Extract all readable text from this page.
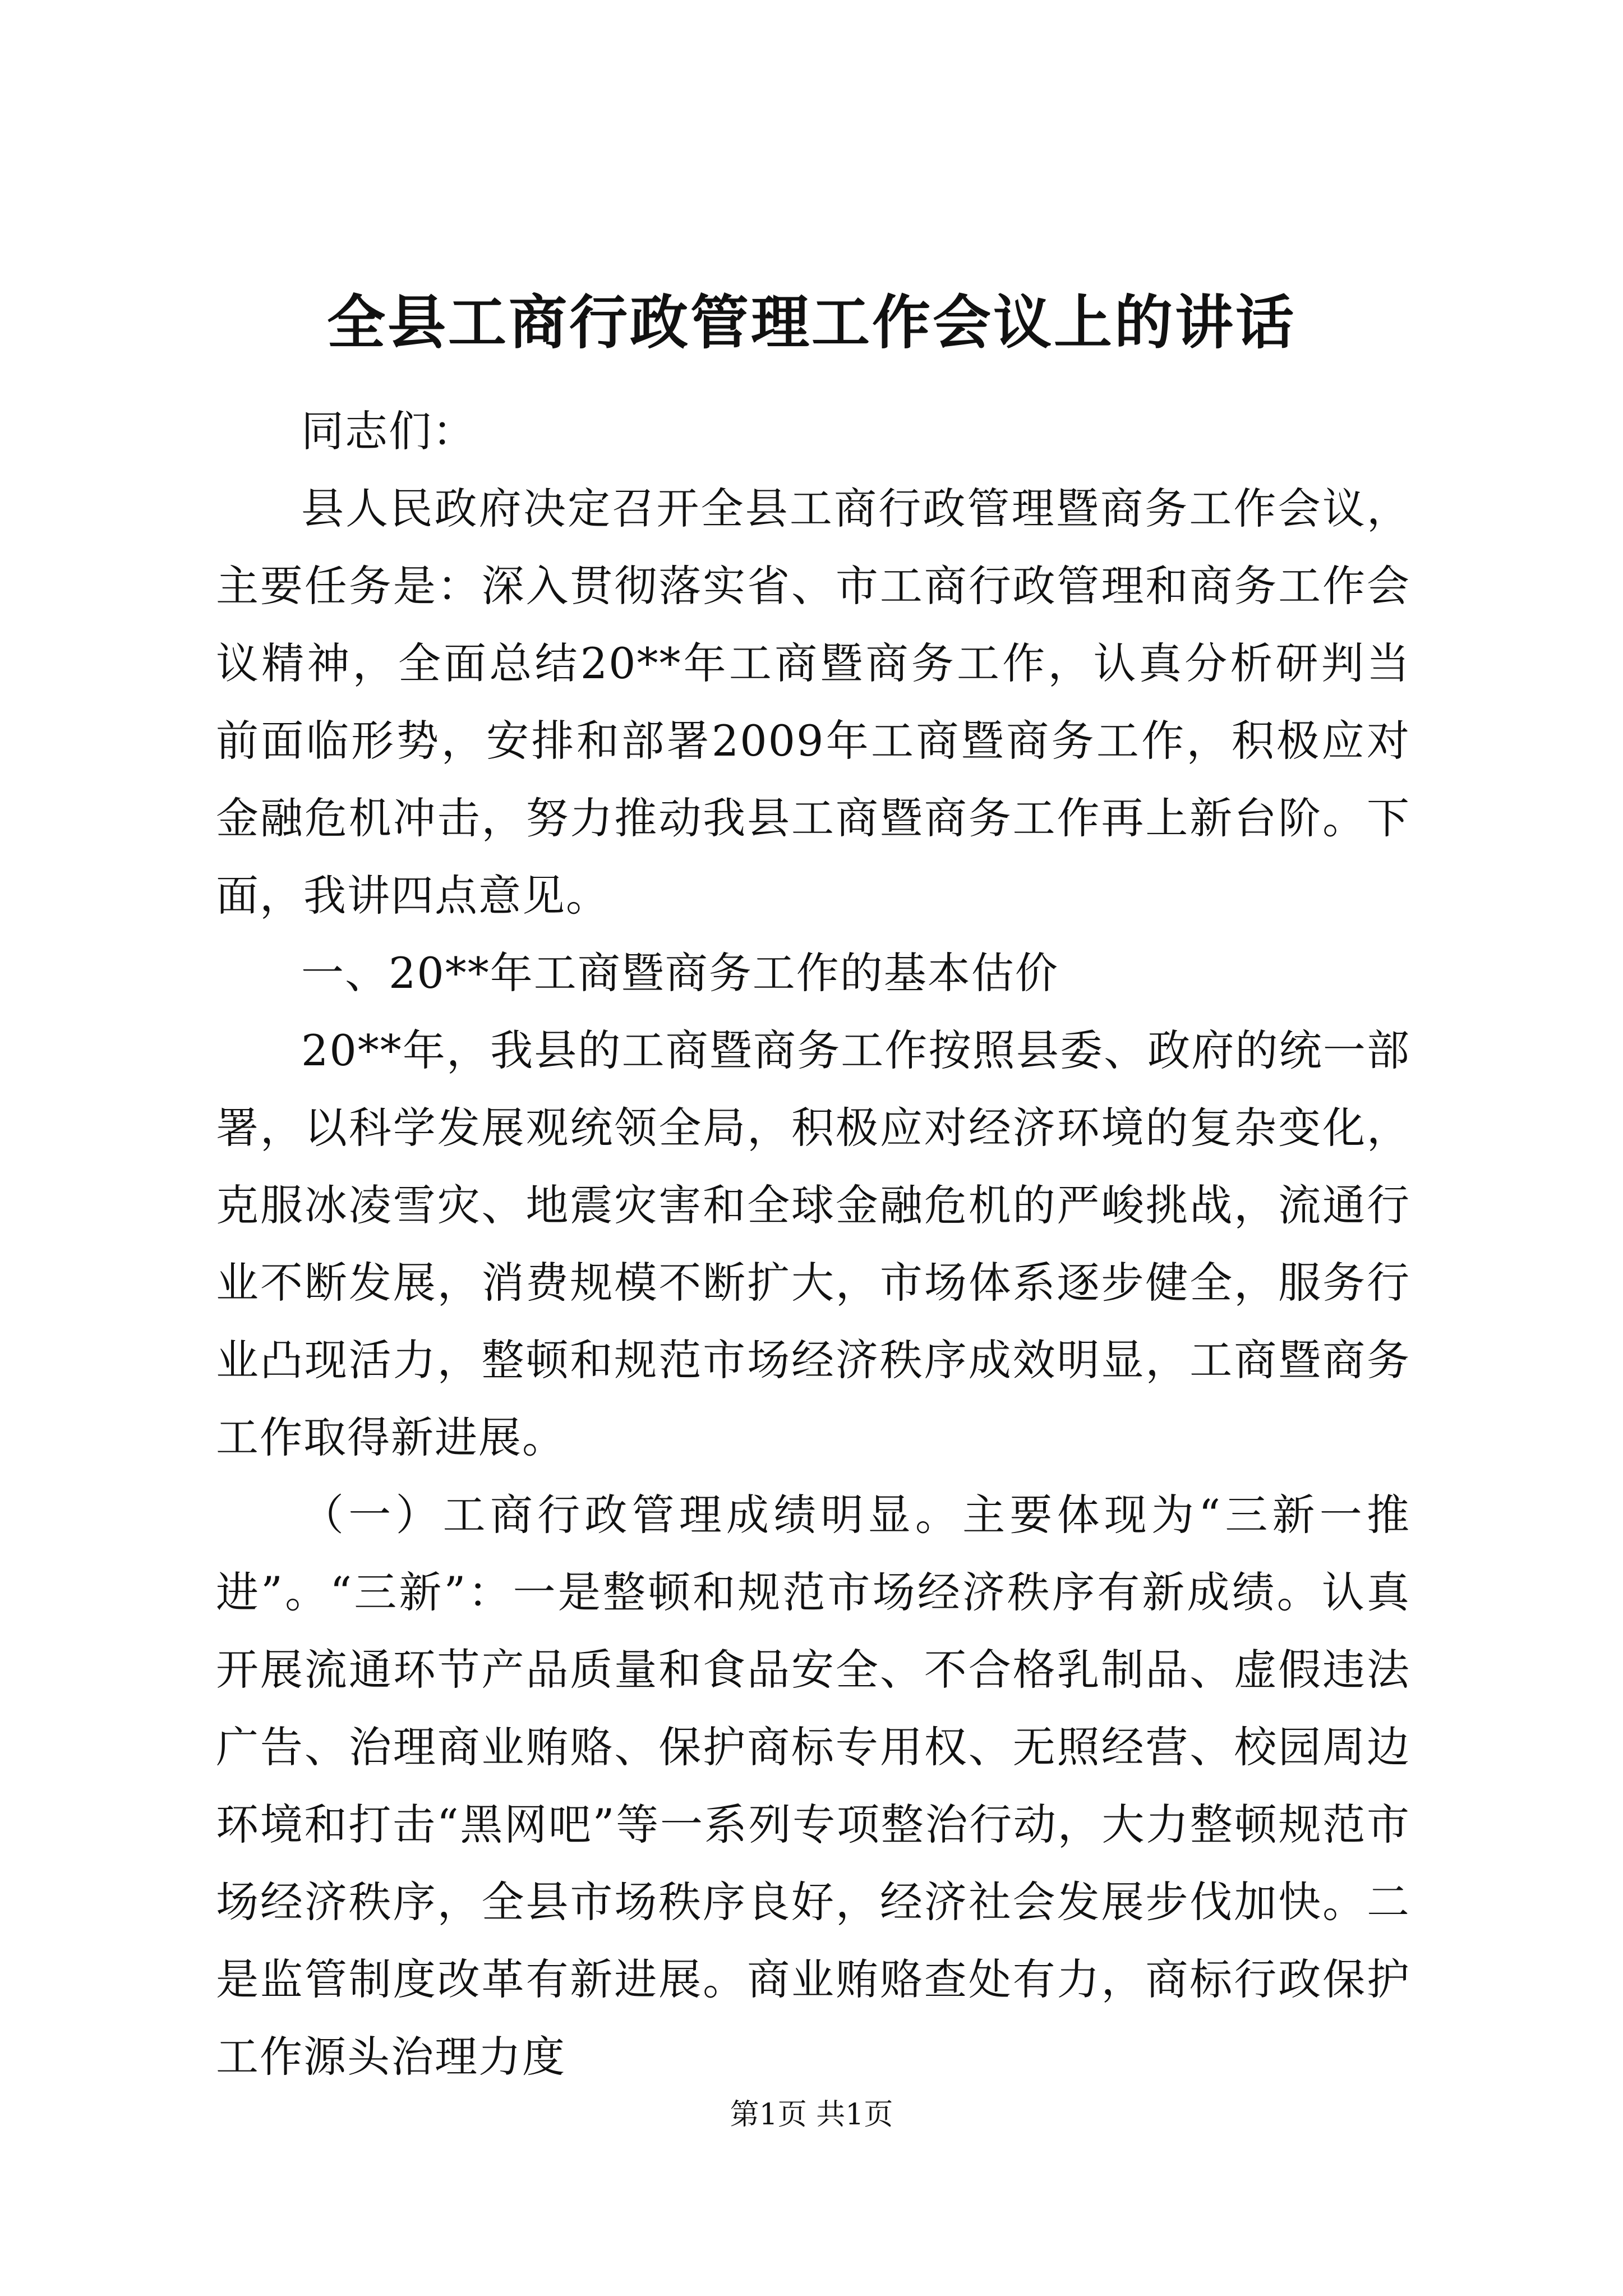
全县工商行政管理工作会议上的讲话

同志们：

县人民政府决定召开全县工商行政管理暨商务工作会议，主要任务是：深入贯彻落实省、市工商行政管理和商务工作会议精神，全面总结20**年工商暨商务工作，认真分析研判当前面临形势，安排和部署2009年工商暨商务工作，积极应对金融危机冲击，努力推动我县工商暨商务工作再上新台阶。下面，我讲四点意见。

一、20**年工商暨商务工作的基本估价

20**年，我县的工商暨商务工作按照县委、政府的统一部署，以科学发展观统领全局，积极应对经济环境的复杂变化，克服冰凌雪灾、地震灾害和全球金融危机的严峻挑战，流通行业不断发展，消费规模不断扩大，市场体系逐步健全，服务行业凸现活力，整顿和规范市场经济秩序成效明显，工商暨商务工作取得新进展。

（一）工商行政管理成绩明显。主要体现为“三新一推进”。“三新”：一是整顿和规范市场经济秩序有新成绩。认真开展流通环节产品质量和食品安全、不合格乳制品、虚假违法广告、治理商业贿赂、保护商标专用权、无照经营、校园周边环境和打击“黑网吧”等一系列专项整治行动，大力整顿规范市场经济秩序，全县市场秩序良好，经济社会发展步伐加快。二是监管制度改革有新进展。商业贿赂查处有力，商标行政保护工作源头治理力度

第1页 共1页
